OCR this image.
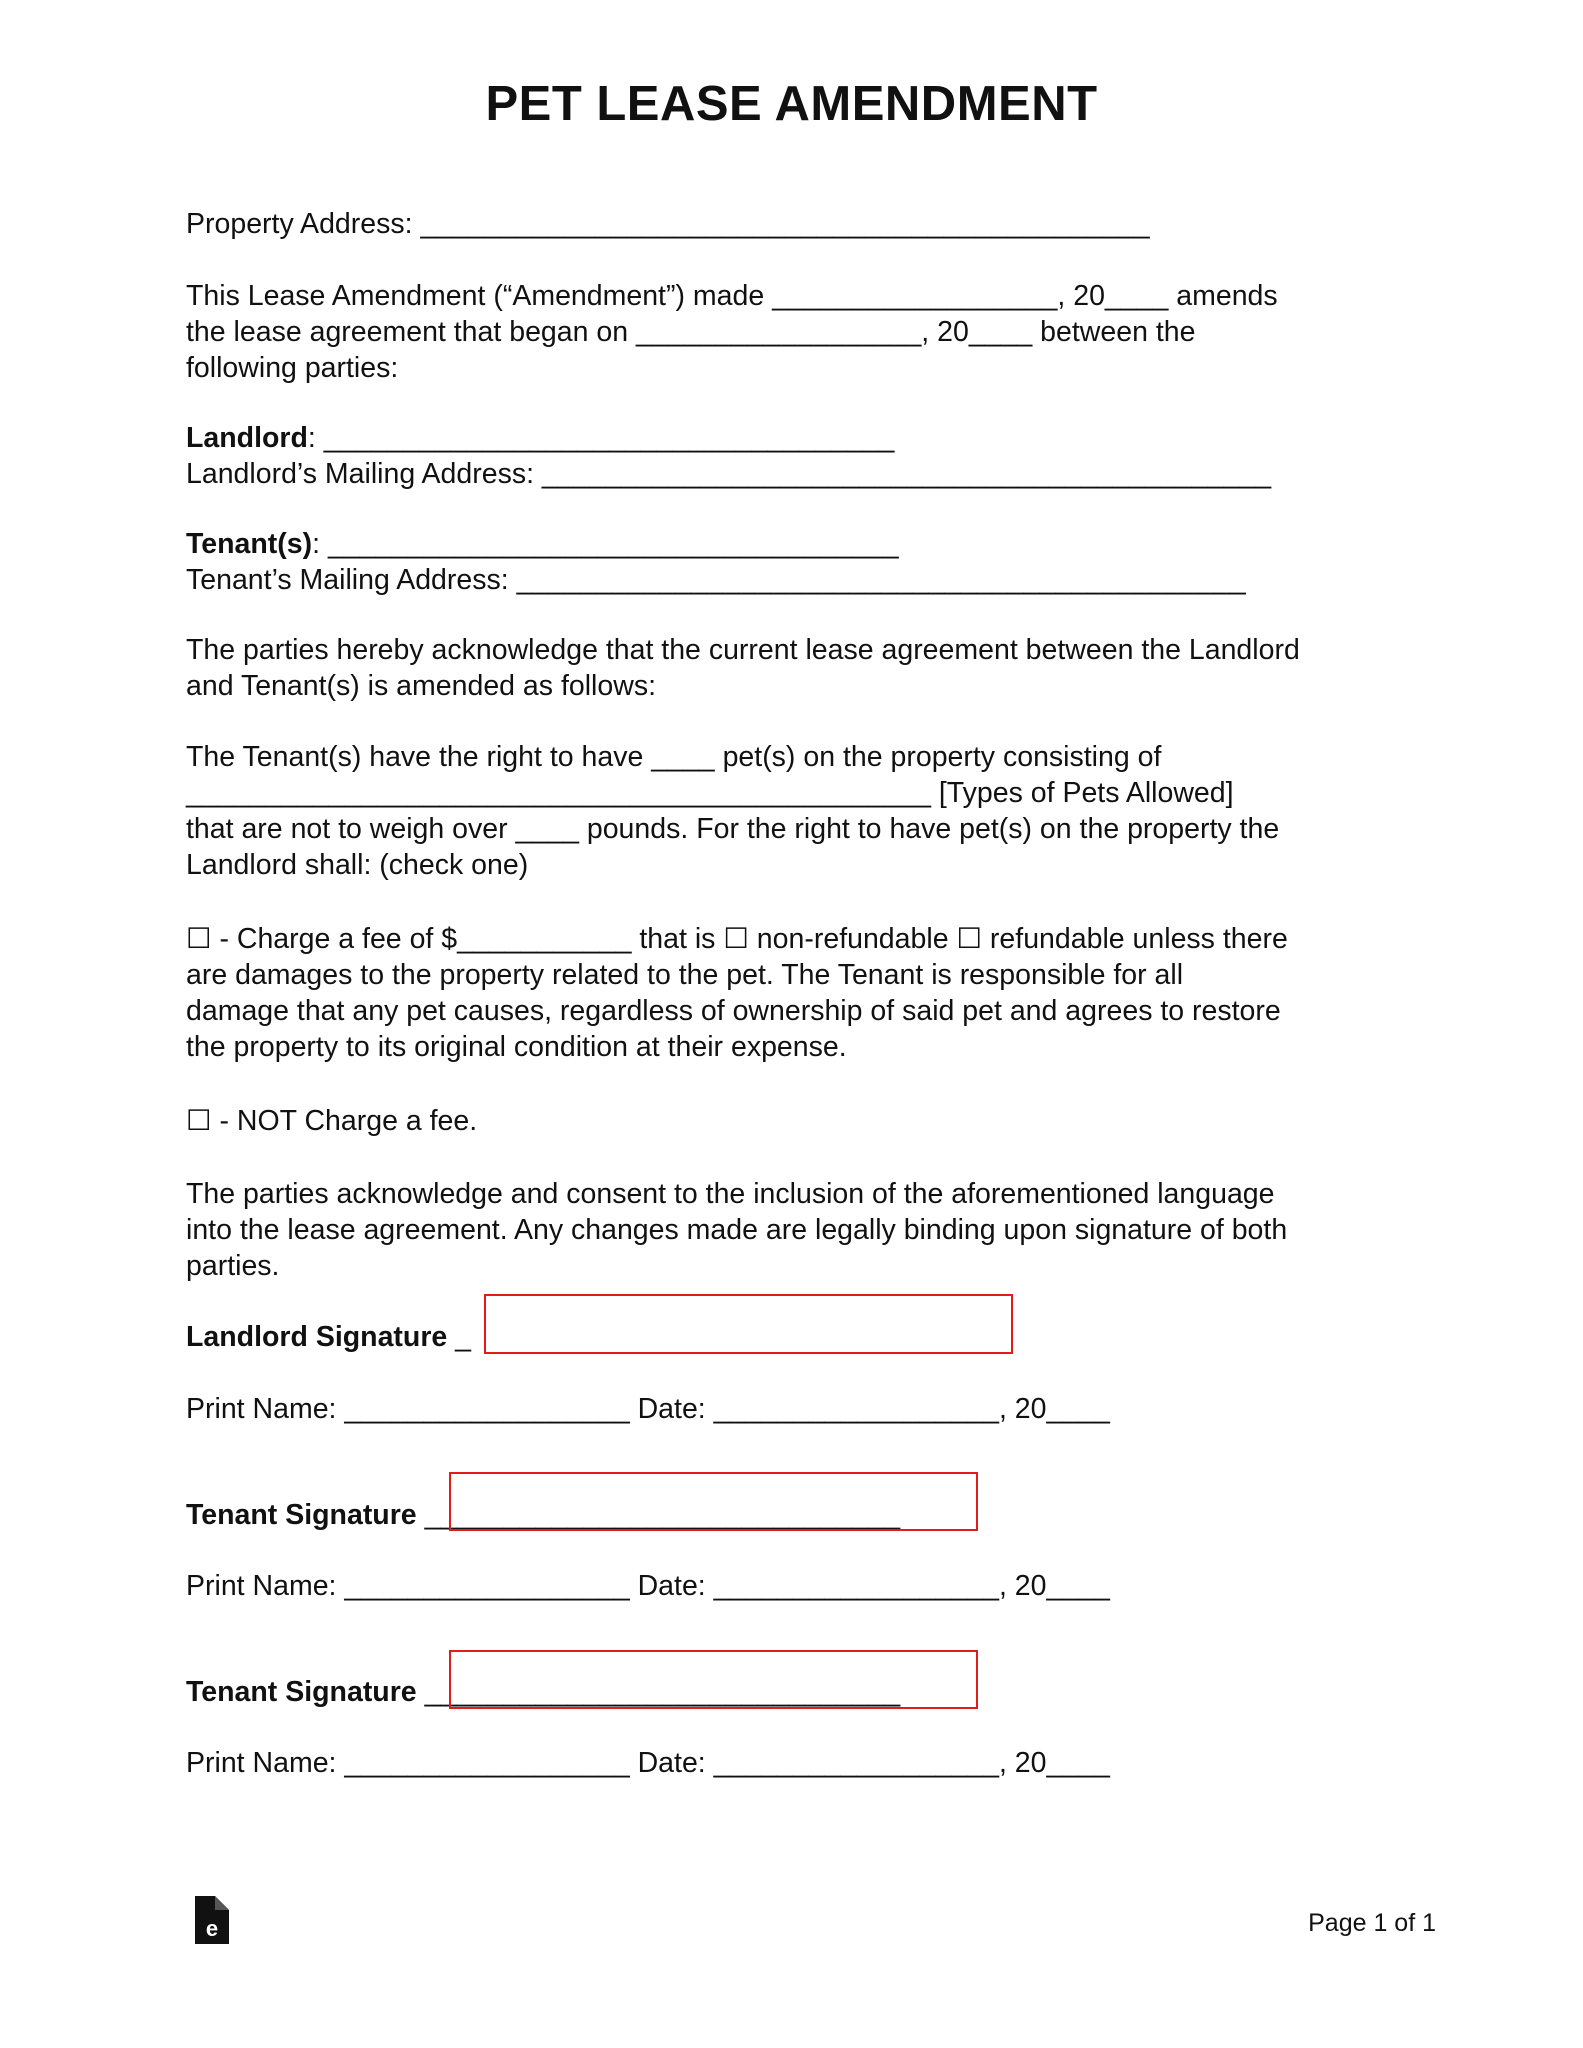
PET LEASE AMENDMENT
Property Address: ______________________________________________
This Lease Amendment (“Amendment”) made __________________, 20____ amends
the lease agreement that began on __________________, 20____ between the
following parties:
Landlord: ____________________________________
Landlord’s Mailing Address: ______________________________________________
Tenant(s): ____________________________________
Tenant’s Mailing Address: ______________________________________________
The parties hereby acknowledge that the current lease agreement between the Landlord
and Tenant(s) is amended as follows:
The Tenant(s) have the right to have ____ pet(s) on the property consisting of
_______________________________________________ [Types of Pets Allowed]
that are not to weigh over ____ pounds. For the right to have pet(s) on the property the
Landlord shall: (check one)
☐ - Charge a fee of $___________ that is ☐ non-refundable ☐ refundable unless there
are damages to the property related to the pet. The Tenant is responsible for all
damage that any pet causes, regardless of ownership of said pet and agrees to restore
the property to its original condition at their expense.
☐ - NOT Charge a fee.
The parties acknowledge and consent to the inclusion of the aforementioned language
into the lease agreement. Any changes made are legally binding upon signature of both
parties.
Landlord Signature _
Print Name: __________________ Date: __________________, 20____
Tenant Signature ______________________________
Print Name: __________________ Date: __________________, 20____
Tenant Signature ______________________________
Print Name: __________________ Date: __________________, 20____
e	Page 1 of 1
